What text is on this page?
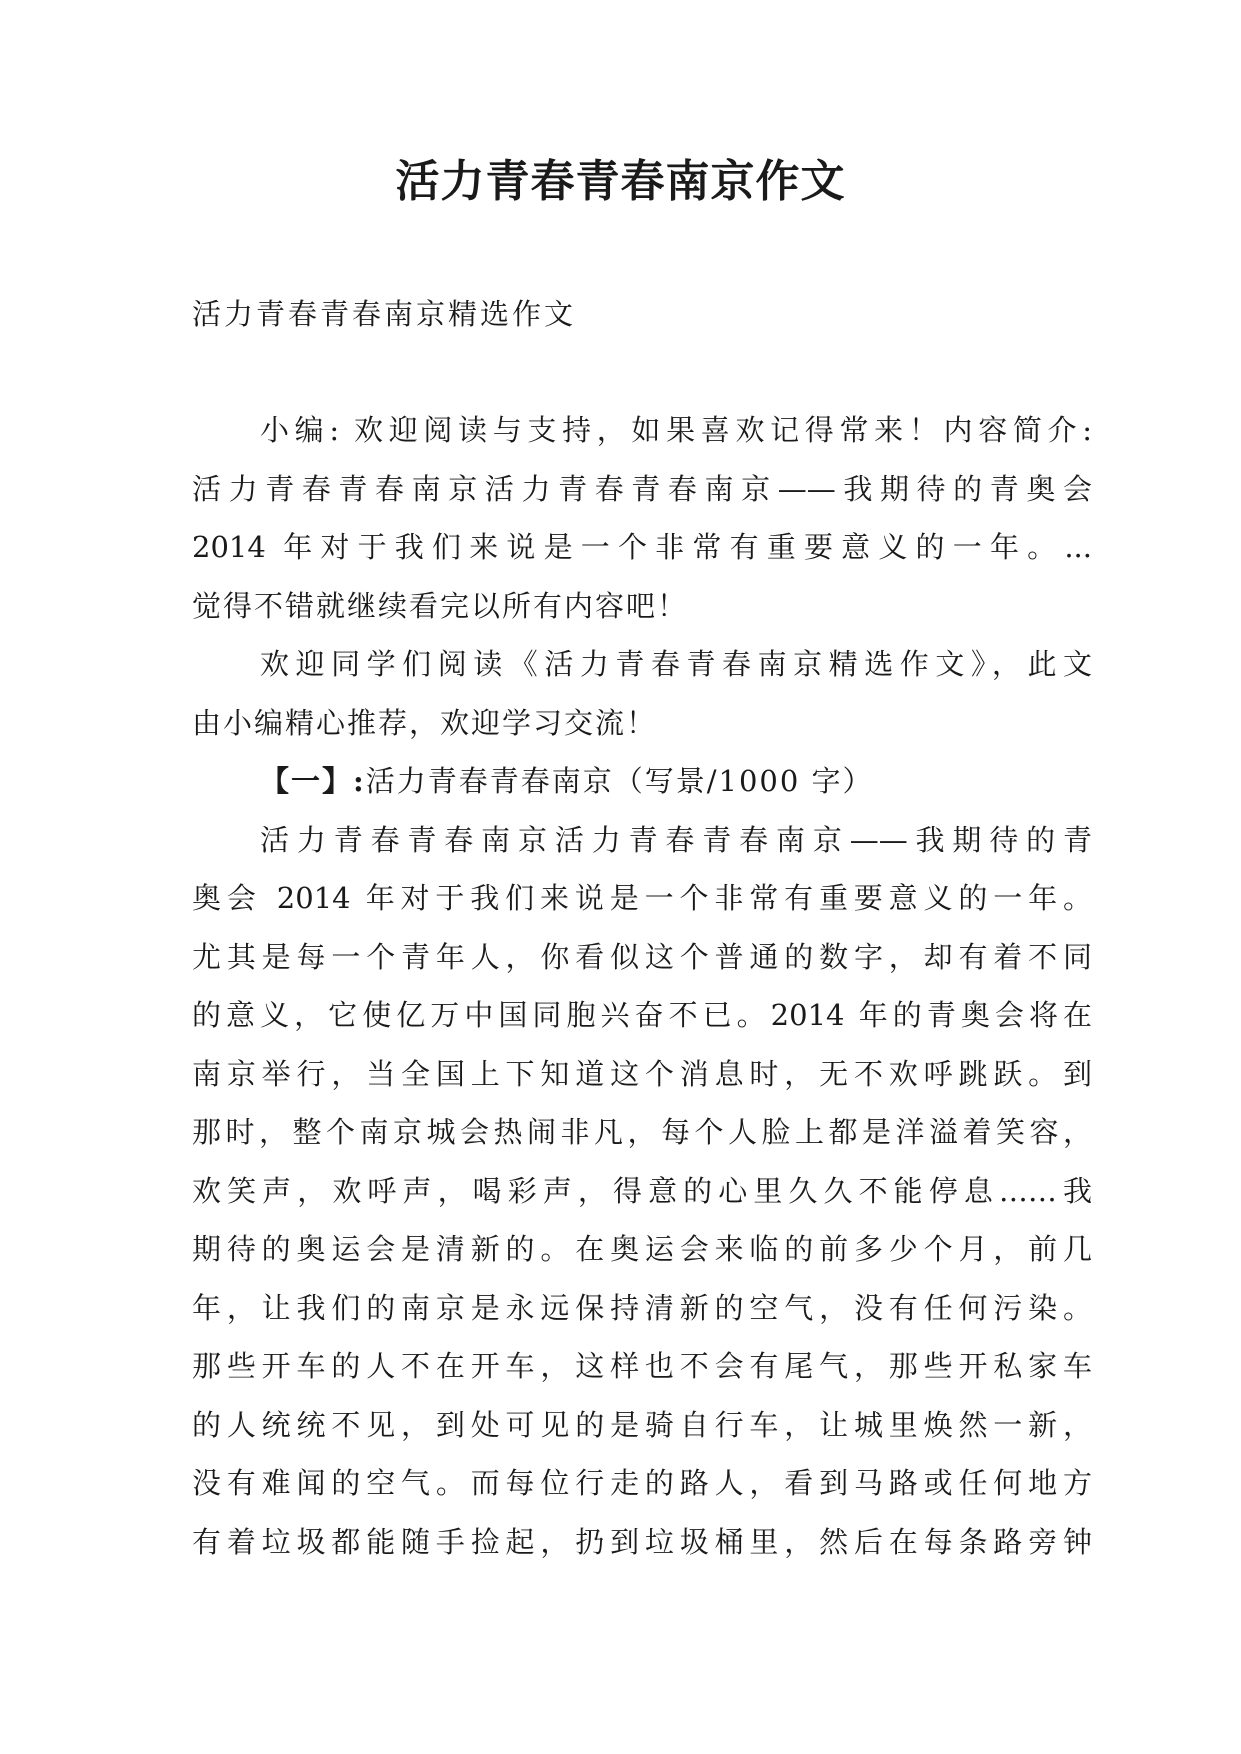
活力青春青春南京作文
活力青春青春南京精选作文
小编: 欢迎阅读与支持，如果喜欢记得常来！内容简介:
活力青春青春南京活力青春青春南京——我期待的青奥会
2014 年对于我们来说是一个非常有重要意义的一年。...
觉得不错就继续看完以所有内容吧！
欢迎同学们阅读《活力青春青春南京精选作文》，此文
由小编精心推荐，欢迎学习交流！
【一】:活力青春青春南京（写景/1000 字）
活力青春青春南京活力青春青春南京——我期待的青
奥会 2014 年对于我们来说是一个非常有重要意义的一年。
尤其是每一个青年人，你看似这个普通的数字，却有着不同
的意义，它使亿万中国同胞兴奋不已。2014 年的青奥会将在
南京举行，当全国上下知道这个消息时，无不欢呼跳跃。到
那时，整个南京城会热闹非凡，每个人脸上都是洋溢着笑容，
欢笑声，欢呼声，喝彩声，得意的心里久久不能停息……我
期待的奥运会是清新的。在奥运会来临的前多少个月，前几
年，让我们的南京是永远保持清新的空气，没有任何污染。
那些开车的人不在开车，这样也不会有尾气，那些开私家车
的人统统不见，到处可见的是骑自行车，让城里焕然一新，
没有难闻的空气。而每位行走的路人，看到马路或任何地方
有着垃圾都能随手捡起，扔到垃圾桶里，然后在每条路旁钟
